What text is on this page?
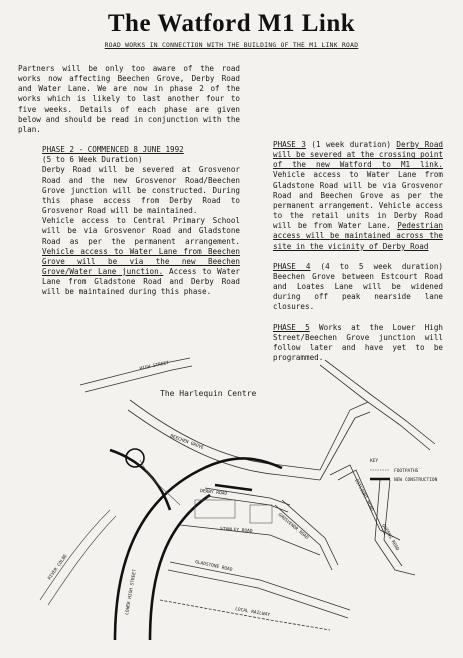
The Watford M1 Link
ROAD WORKS IN CONNECTION WITH THE BUILDING OF THE M1 LINK ROAD

Partners will be only too aware of the road works now affecting Beechen Grove, Derby Road and Water Lane. We are now in phase 2 of the works which is likely to last another four to five weeks. Details of each phase are given below and should be read in conjunction with the plan.

PHASE 2 - COMMENCED 8 JUNE 1992
(5 to 6 Week Duration)
Derby Road will be severed at Grosvenor Road and the new Grosvenor Road/Beechen Grove junction will be constructed. During this phase access from Derby Road to Grosvenor Road will be maintained.
Vehicle access to Central Primary School will be via Grosvenor Road and Gladstone Road as per the permanent arrangement. Vehicle access to Water Lane from Beechen Grove will be via the new Beechen Grove/Water Lane junction. Access to Water Lane from Gladstone Road and Derby Road will be maintained during this phase.

PHASE 3 (1 week duration) Derby Road will be severed at the crossing point of the new Watford to M1 link. Vehicle access to Water Lane from Gladstone Road will be via Grosvenor Road and Beechen Grove as per the permanent arrangement. Vehicle access to the retail units in Derby Road will be from Water Lane. Pedestrian access will be maintained across the site in the vicinity of Derby Road

PHASE 4 (4 to 5 week duration) Beechen Grove between Estcourt Road and Loates Lane will be widened during off peak nearside lane closures.

PHASE 5 Works at the Lower High Street/Beechen Grove junction will follow later and have yet to be programmed.

The Harlequin Centre
HIGH STREET
BEECHEN GROVE
DERBY ROAD
GROSVENOR ROAD
STANLEY ROAD
GLADSTONE ROAD
LOCAL RAILWAY
RIVER COLNE
QUEENS ROAD
ESTCOURT ROAD
LOWER HIGH STREET
KEY
FOOTPATHS
NEW CONSTRUCTION
